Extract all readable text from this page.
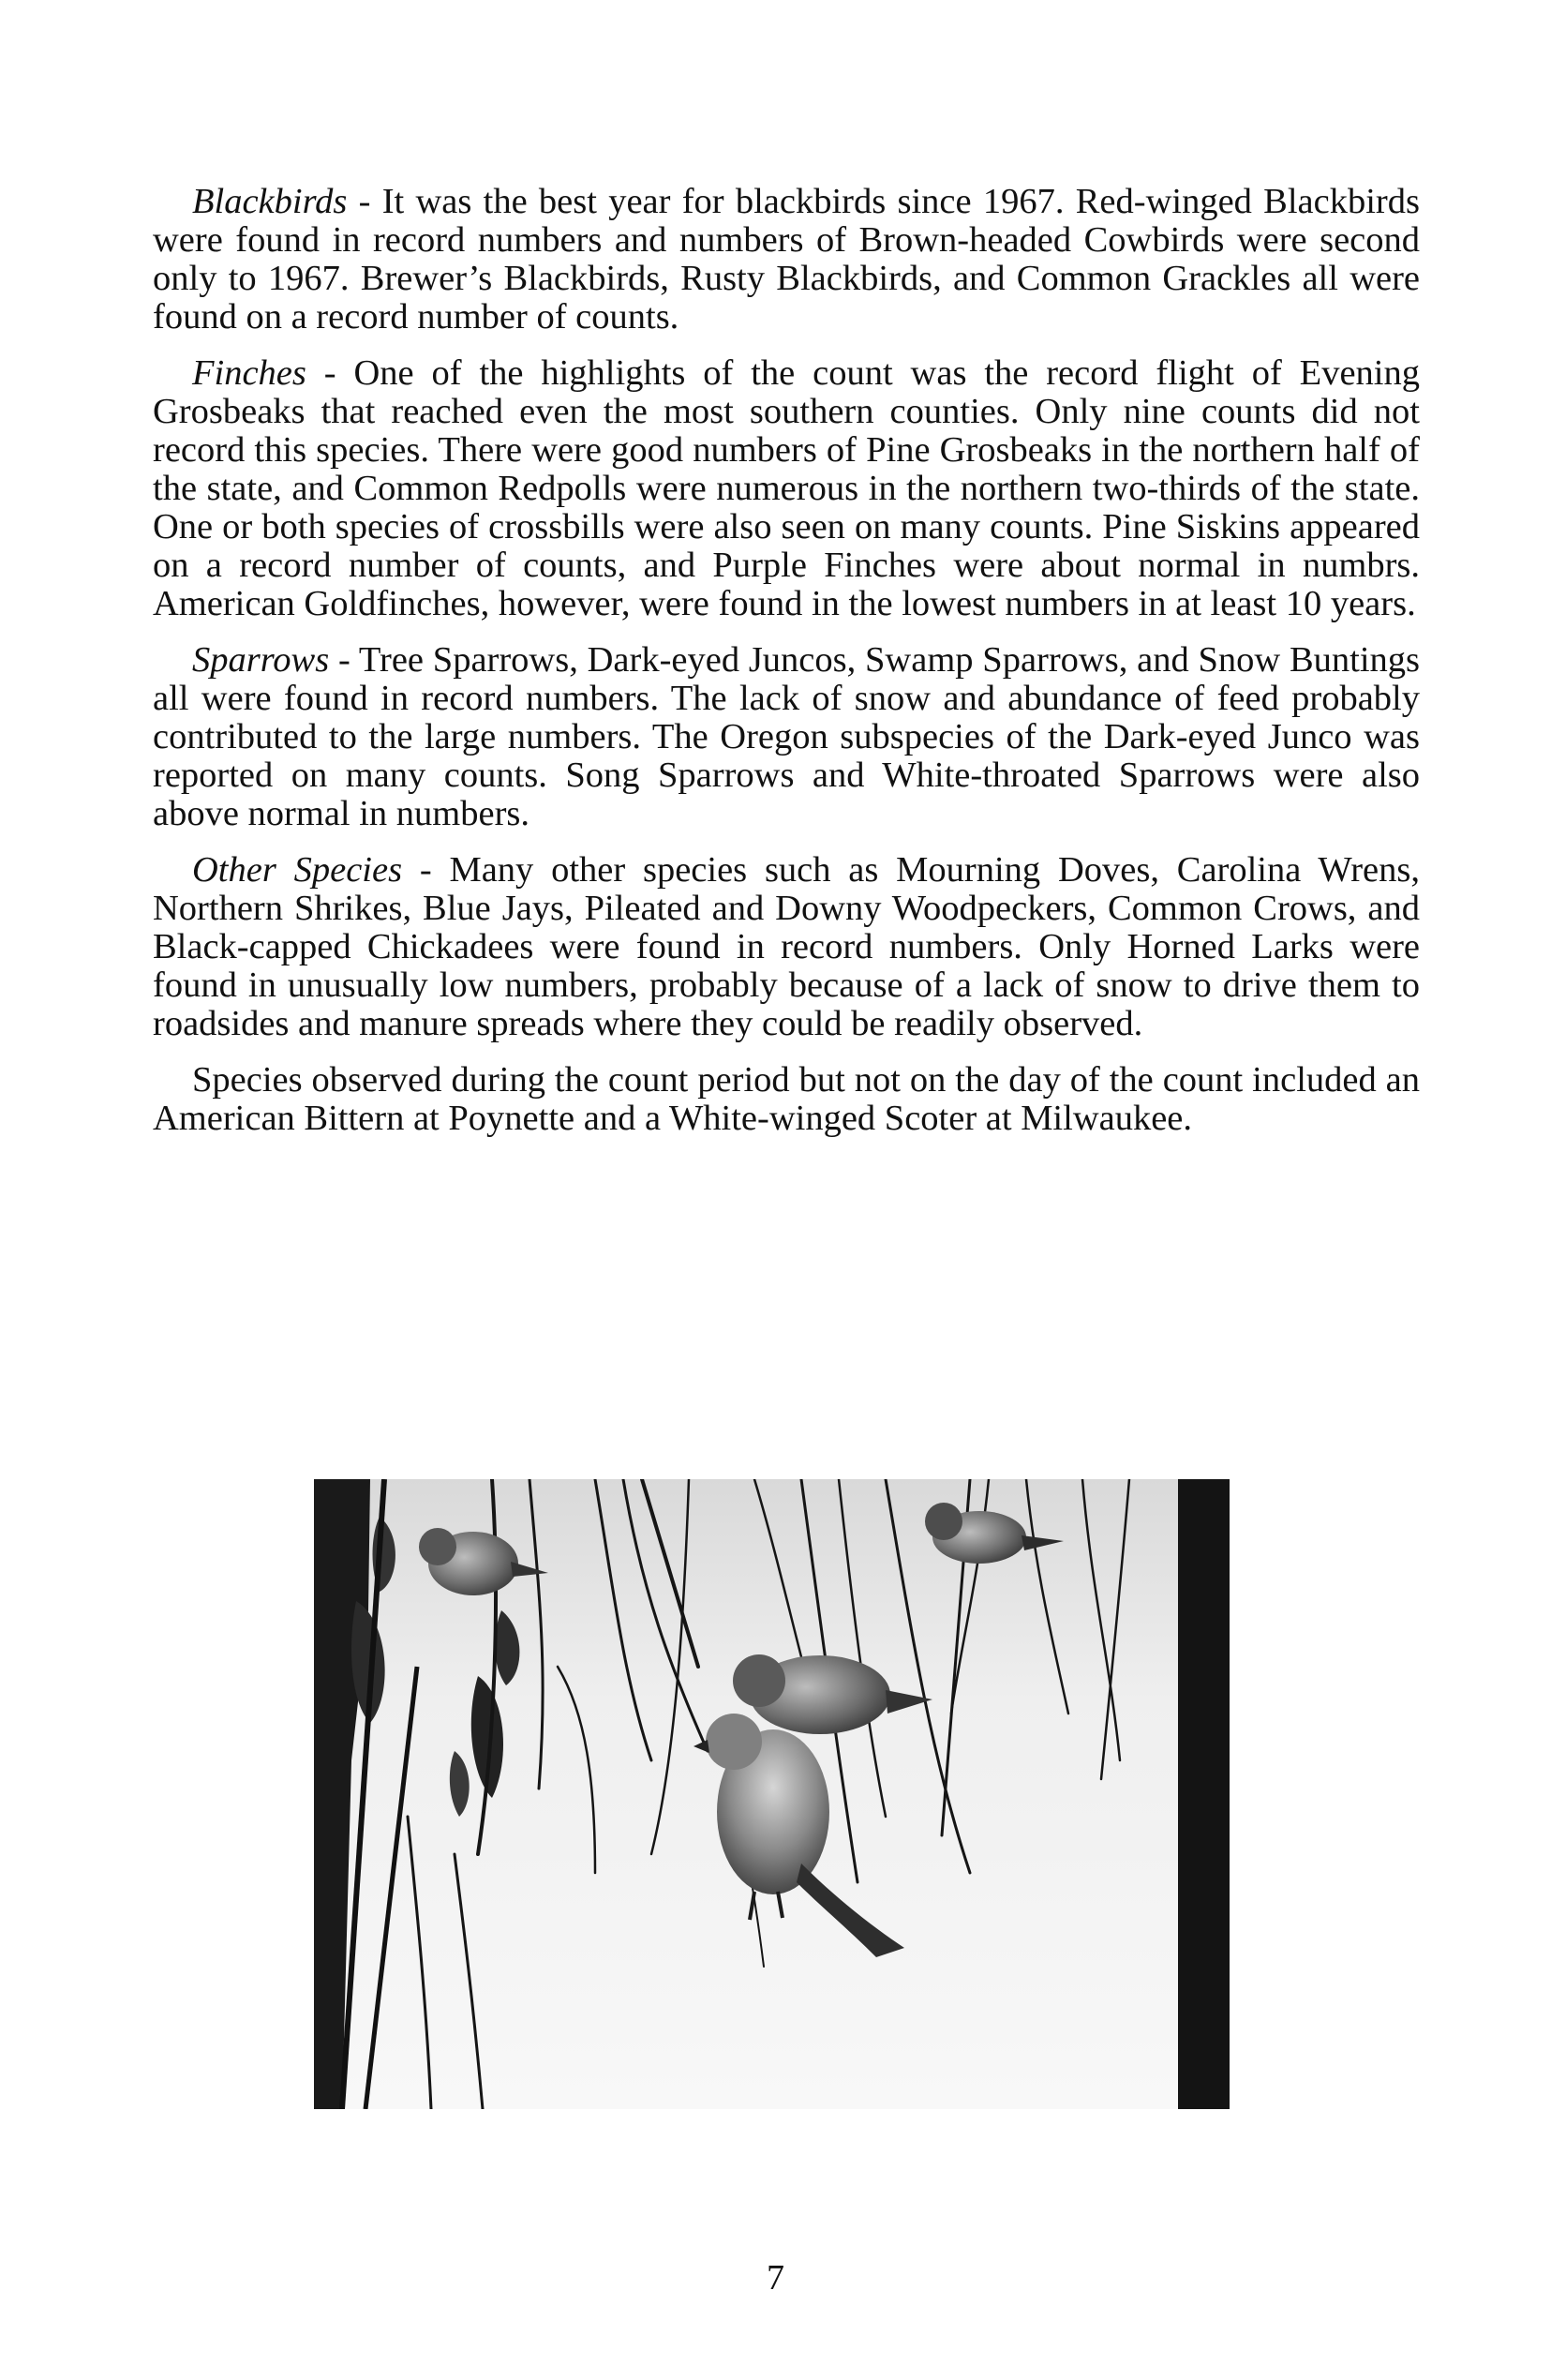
Blackbirds - It was the best year for blackbirds since 1967. Red-winged Blackbirds were found in record numbers and numbers of Brown-headed Cowbirds were second only to 1967. Brewer’s Blackbirds, Rusty Blackbirds, and Common Grackles all were found on a record number of counts.

Finches - One of the highlights of the count was the record flight of Evening Grosbeaks that reached even the most southern counties. Only nine counts did not record this species. There were good numbers of Pine Grosbeaks in the northern half of the state, and Common Redpolls were numerous in the northern two-thirds of the state. One or both species of crossbills were also seen on many counts. Pine Siskins appeared on a record number of counts, and Purple Finches were about normal in numbrs. American Goldfinches, however, were found in the lowest numbers in at least 10 years.

Sparrows - Tree Sparrows, Dark-eyed Juncos, Swamp Sparrows, and Snow Buntings all were found in record numbers. The lack of snow and abundance of feed probably contributed to the large numbers. The Oregon subspecies of the Dark-eyed Junco was reported on many counts. Song Sparrows and White-throated Sparrows were also above normal in numbers.

Other Species - Many other species such as Mourning Doves, Carolina Wrens, Northern Shrikes, Blue Jays, Pileated and Downy Woodpeckers, Common Crows, and Black-capped Chickadees were found in record numbers. Only Horned Larks were found in unusually low numbers, probably because of a lack of snow to drive them to roadsides and manure spreads where they could be readily observed.

Species observed during the count period but not on the day of the count included an American Bittern at Poynette and a White-winged Scoter at Milwaukee.

7
